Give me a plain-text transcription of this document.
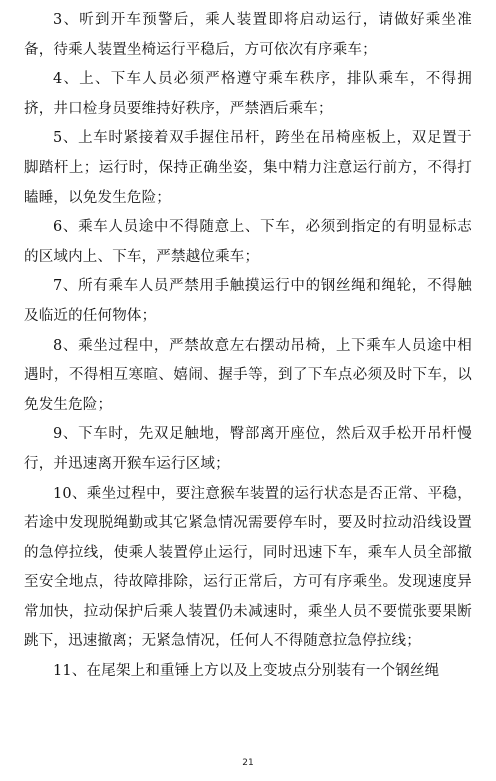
3、听到开车预警后，乘人装置即将启动运行，请做好乘坐准备，待乘人装置坐椅运行平稳后，方可依次有序乘车；

4、上、下车人员必须严格遵守乘车秩序，排队乘车，不得拥挤，井口检身员要维持好秩序，严禁酒后乘车；

5、上车时紧接着双手握住吊杆，跨坐在吊椅座板上，双足置于脚踏杆上；运行时，保持正确坐姿，集中精力注意运行前方，不得打瞌睡，以免发生危险；

6、乘车人员途中不得随意上、下车，必须到指定的有明显标志的区域内上、下车，严禁越位乘车；

7、所有乘车人员严禁用手触摸运行中的钢丝绳和绳轮，不得触及临近的任何物体；

8、乘坐过程中，严禁故意左右摆动吊椅，上下乘车人员途中相遇时，不得相互寒暄、嬉闹、握手等，到了下车点必须及时下车，以免发生危险；

9、下车时，先双足触地，臀部离开座位，然后双手松开吊杆慢行，并迅速离开猴车运行区域；

10、乘坐过程中，要注意猴车装置的运行状态是否正常、平稳，若途中发现脱绳勤或其它紧急情况需要停车时，要及时拉动沿线设置的急停拉线，使乘人装置停止运行，同时迅速下车，乘车人员全部撤至安全地点，待故障排除，运行正常后，方可有序乘坐。发现速度异常加快，拉动保护后乘人装置仍未减速时，乘坐人员不要慌张要果断跳下，迅速撤离；无紧急情况，任何人不得随意拉急停拉线；

11、在尾架上和重锤上方以及上变坡点分别装有一个钢丝绳

21
